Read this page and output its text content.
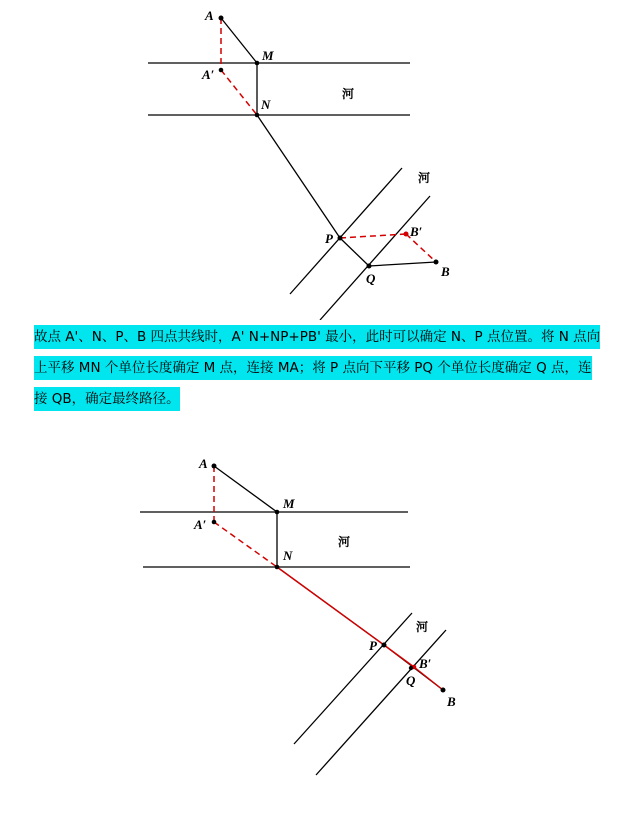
A
A′
M
N
P	B′
Q	B
河
河
故点 A'、N、P、B 四点共线时，A' N+NP+PB' 最小，此时可以确定 N、P 点位置。将 N 点向
上平移 MN 个单位长度确定 M 点，连接 MA；将 P 点向下平移 PQ 个单位长度确定 Q 点，连
接 QB，确定最终路径。
A
A′
M
N
P
B′
Q
B
河
河
